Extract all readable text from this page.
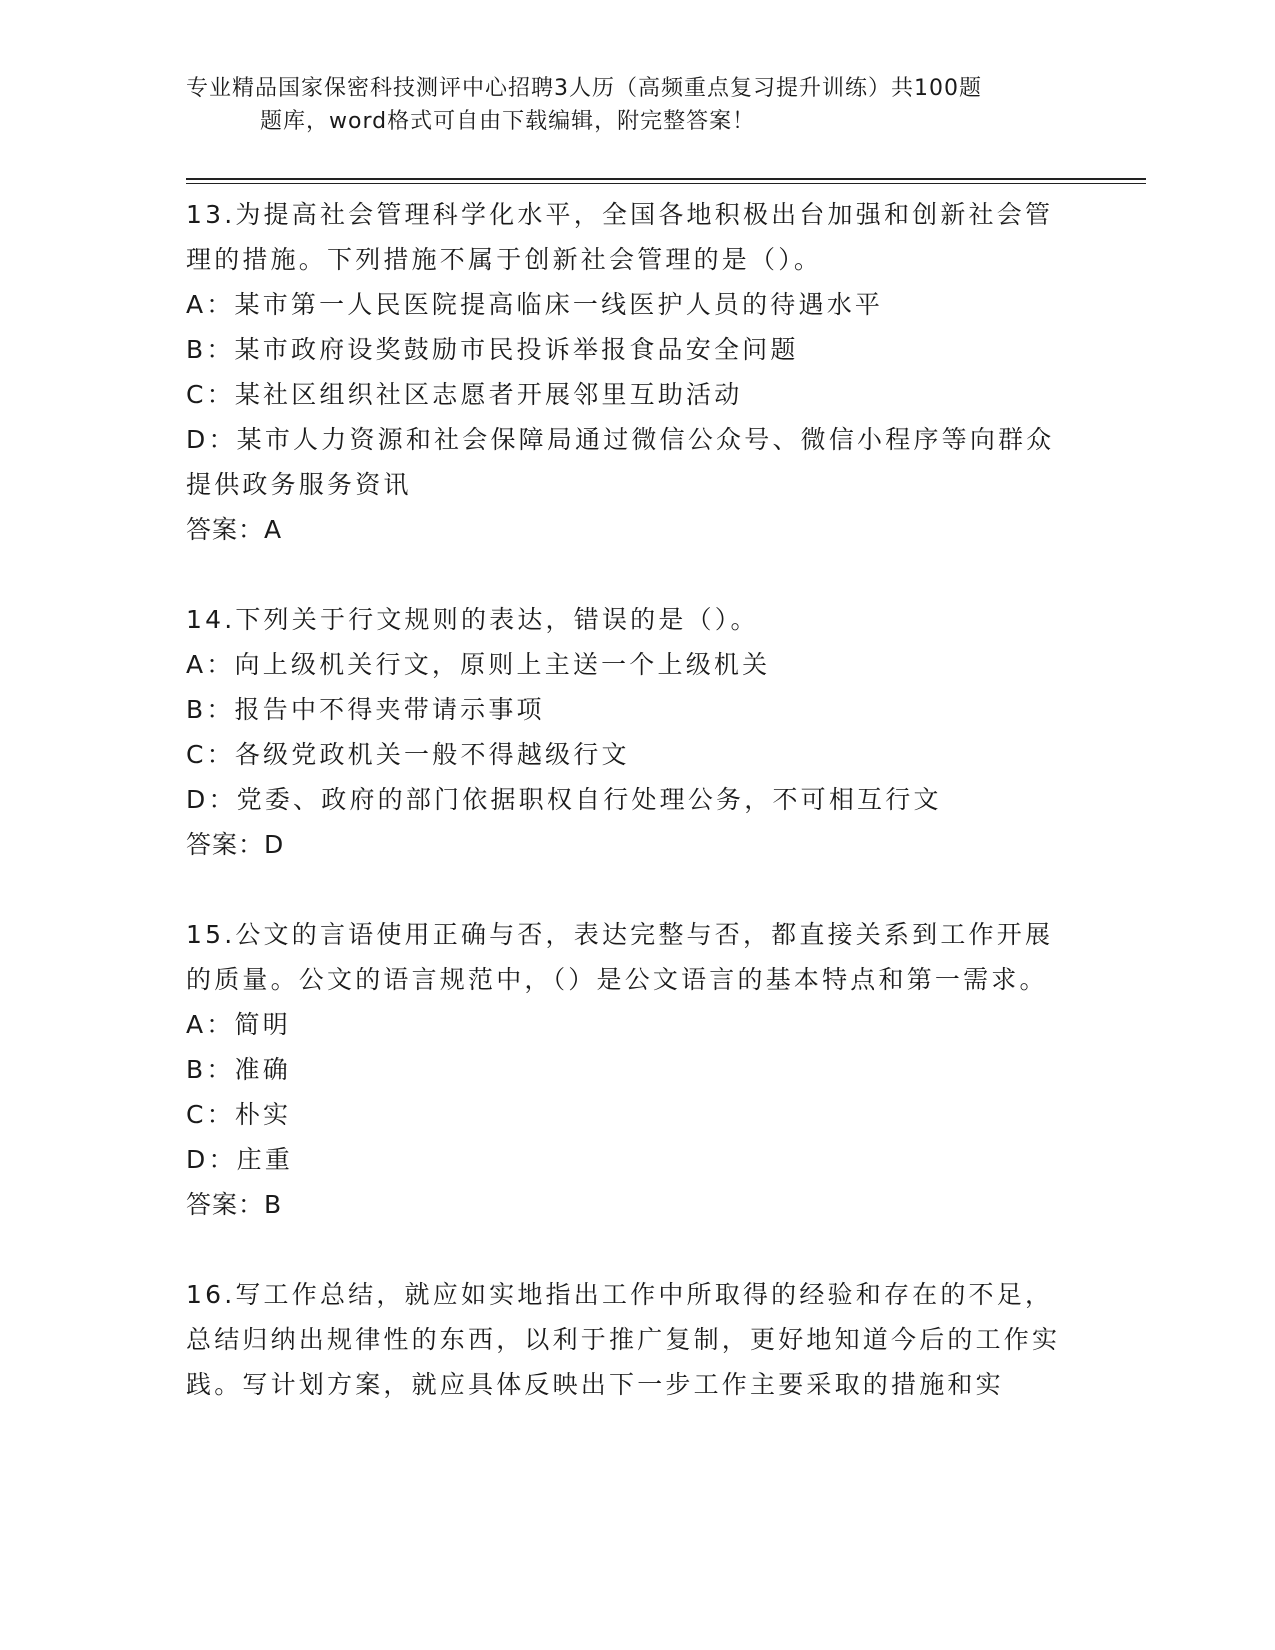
专业精品国家保密科技测评中心招聘3人历（高频重点复习提升训练）共100题
题库，word格式可自由下载编辑，附完整答案！
13.为提高社会管理科学化水平，全国各地积极出台加强和创新社会管理的措施。下列措施不属于创新社会管理的是（）。
A：某市第一人民医院提高临床一线医护人员的待遇水平
B：某市政府设奖鼓励市民投诉举报食品安全问题
C：某社区组织社区志愿者开展邻里互助活动
D：某市人力资源和社会保障局通过微信公众号、微信小程序等向群众提供政务服务资讯
答案：A
14.下列关于行文规则的表达，错误的是（）。
A：向上级机关行文，原则上主送一个上级机关
B：报告中不得夹带请示事项
C：各级党政机关一般不得越级行文
D：党委、政府的部门依据职权自行处理公务，不可相互行文
答案：D
15.公文的言语使用正确与否，表达完整与否，都直接关系到工作开展的质量。公文的语言规范中，（）是公文语言的基本特点和第一需求。
A：简明
B：准确
C：朴实
D：庄重
答案：B
16.写工作总结，就应如实地指出工作中所取得的经验和存在的不足，总结归纳出规律性的东西，以利于推广复制，更好地知道今后的工作实践。写计划方案，就应具体反映出下一步工作主要采取的措施和实
